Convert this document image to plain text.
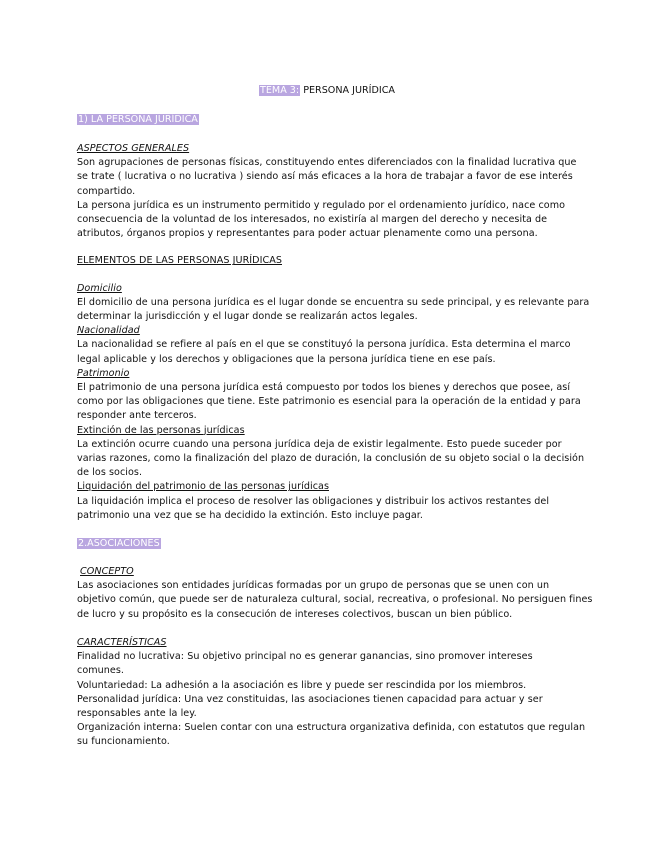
TEMA 3: PERSONA JURÍDICA
1) LA PERSONA JURÍDICA
ASPECTOS GENERALES
Son agrupaciones de personas físicas, constituyendo entes diferenciados con la finalidad lucrativa que
se trate ( lucrativa o no lucrativa ) siendo así más eficaces a la hora de trabajar a favor de ese interés
compartido.
La persona jurídica es un instrumento permitido y regulado por el ordenamiento jurídico, nace como
consecuencia de la voluntad de los interesados, no existiría al margen del derecho y necesita de
atributos, órganos propios y representantes para poder actuar plenamente como una persona.
ELEMENTOS DE LAS PERSONAS JURÍDICAS
Domicilio
El domicilio de una persona jurídica es el lugar donde se encuentra su sede principal, y es relevante para
determinar la jurisdicción y el lugar donde se realizarán actos legales.
Nacionalidad
La nacionalidad se refiere al país en el que se constituyó la persona jurídica. Esta determina el marco
legal aplicable y los derechos y obligaciones que la persona jurídica tiene en ese país.
Patrimonio
El patrimonio de una persona jurídica está compuesto por todos los bienes y derechos que posee, así
como por las obligaciones que tiene. Este patrimonio es esencial para la operación de la entidad y para
responder ante terceros.
Extinción de las personas jurídicas
La extinción ocurre cuando una persona jurídica deja de existir legalmente. Esto puede suceder por
varias razones, como la finalización del plazo de duración, la conclusión de su objeto social o la decisión
de los socios.
Liquidación del patrimonio de las personas jurídicas
La liquidación implica el proceso de resolver las obligaciones y distribuir los activos restantes del
patrimonio una vez que se ha decidido la extinción. Esto incluye pagar.
2.ASOCIACIONES
CONCEPTO
Las asociaciones son entidades jurídicas formadas por un grupo de personas que se unen con un
objetivo común, que puede ser de naturaleza cultural, social, recreativa, o profesional. No persiguen fines
de lucro y su propósito es la consecución de intereses colectivos, buscan un bien público.
CARACTERÍSTICAS
Finalidad no lucrativa: Su objetivo principal no es generar ganancias, sino promover intereses
comunes.
Voluntariedad: La adhesión a la asociación es libre y puede ser rescindida por los miembros.
Personalidad jurídica: Una vez constituidas, las asociaciones tienen capacidad para actuar y ser
responsables ante la ley.
Organización interna: Suelen contar con una estructura organizativa definida, con estatutos que regulan
su funcionamiento.
